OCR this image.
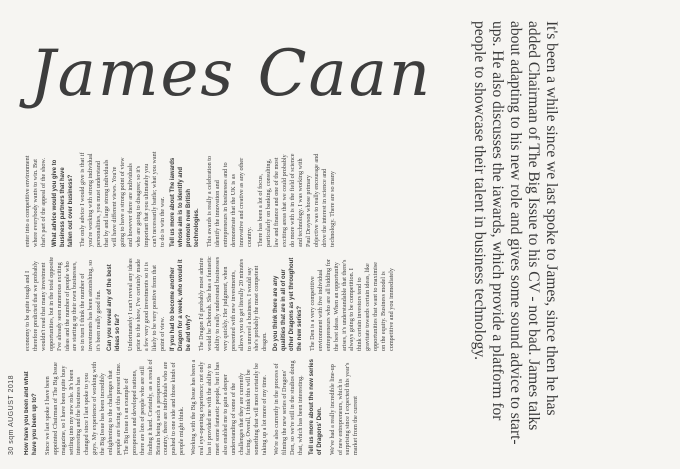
30 sqm AUGUST 2018 How have you been and what have you been up to? Since we last spoke I have been appointed Chairman of The Big Issue magazine, so I have been quite busy settling into my new role. It's been interesting and the business has changed since I last spoke to you guys. My experience of working with the Big Issue has been incredibly enlightening to the challenges that people are facing at this present time. The Big Issue is an example of prosperous and developed nations, there are lots of people who are still finding it hard. Certainly, as a result of Britain being such a prosperous country, there are individuals who are pushed to one side and those kinds of people might think. Working with the Big Issue has been a real eye-opening experience; not only has it provided me with the ability to meet some fantastic people, but it has also enabled me to gain a deeper understanding of some of the challenges that they are currently facing. Overall, I think this will be something that will most certainly be taking up a lot more of my time. We're also currently in the process of filming the new series of Dragons' Den, so we're still in the studios doing that, which has been interesting. Tell us more about the new series of Dragons' Den. We've had a really incredible line-up of new entrepreneurs, which is surprising since I expected this year's market from the current

economy to be quite tough and I therefore predicted that we probably wouldn't read that many investment opportunities, but in the total opposite I've already seen numerous exciting ideas and the number of people who are starting up their own businesses, so in turn I think the number of investments has been astonishing, so it's been really good fun. Can you reveal any of the best ideas so far? Unfortunately I can't reveal any ideas prior to the show, I've certainly made a few very good investments so it is likely to be very positive from that point of view. If you had to become another Dragon for a week, who would it be and why? The Dragon I'd probably most admire would be Deborah. She has a fantastic ability to really understand businesses very quickly. Her judgment, when presented with new investments, allows you to get literally 20 minutes to unravel a business. I would say she's probably the most competent dragon. Do you think there are any qualities that are in all of our other Dragons as yet throughout the new series? The Den is a very competitive environment with five individual entrepreneurs who are all bidding for the best ideas. When an opportunity arises, it's understandable that there's always going to be competition. I think certain investors tend to gravitate towards certain ideas, like opportunities that want to maximise on the equity. Business model is competitive and you immediately

enter into a competitive environment where everybody wants to win. But that's part of the appeal of the show. What advice would you give to business partners that have fallen out over business? The only advice I would give is that if you're working with strong individual personalities, you must understand that by and large strong individuals will have different views. You're going to have a strong point of view and however there are individuals who are going to disagree; so it's important that you ultimately you can't necessarily battle; what you want to do is win the war. Tell us more about The iawards whose aim is to identify and promote new British technologies. This awards is really a celebration to identify the innovation and entrepreneurs in businesses and to demonstrate that the UK is as innovative and creative as any other country. There has been a lot of focus, particularly on banking, consulting, law and finance and one of the most exciting areas that we could probably do more with is in the field of science and technology. I was working with Paul Drayson whose primary objective was to really encourage and drive the interest in science and technology. There are so many	It's been a while since we last spoke to James, since then he has added Chairman of The Big Issue to his CV - not bad. James talks about adapting to his new role and gives some sound advice to start-ups. He also discusses the iawards, which provide a platform for people to showcase their talent in business technology.
James Caan
